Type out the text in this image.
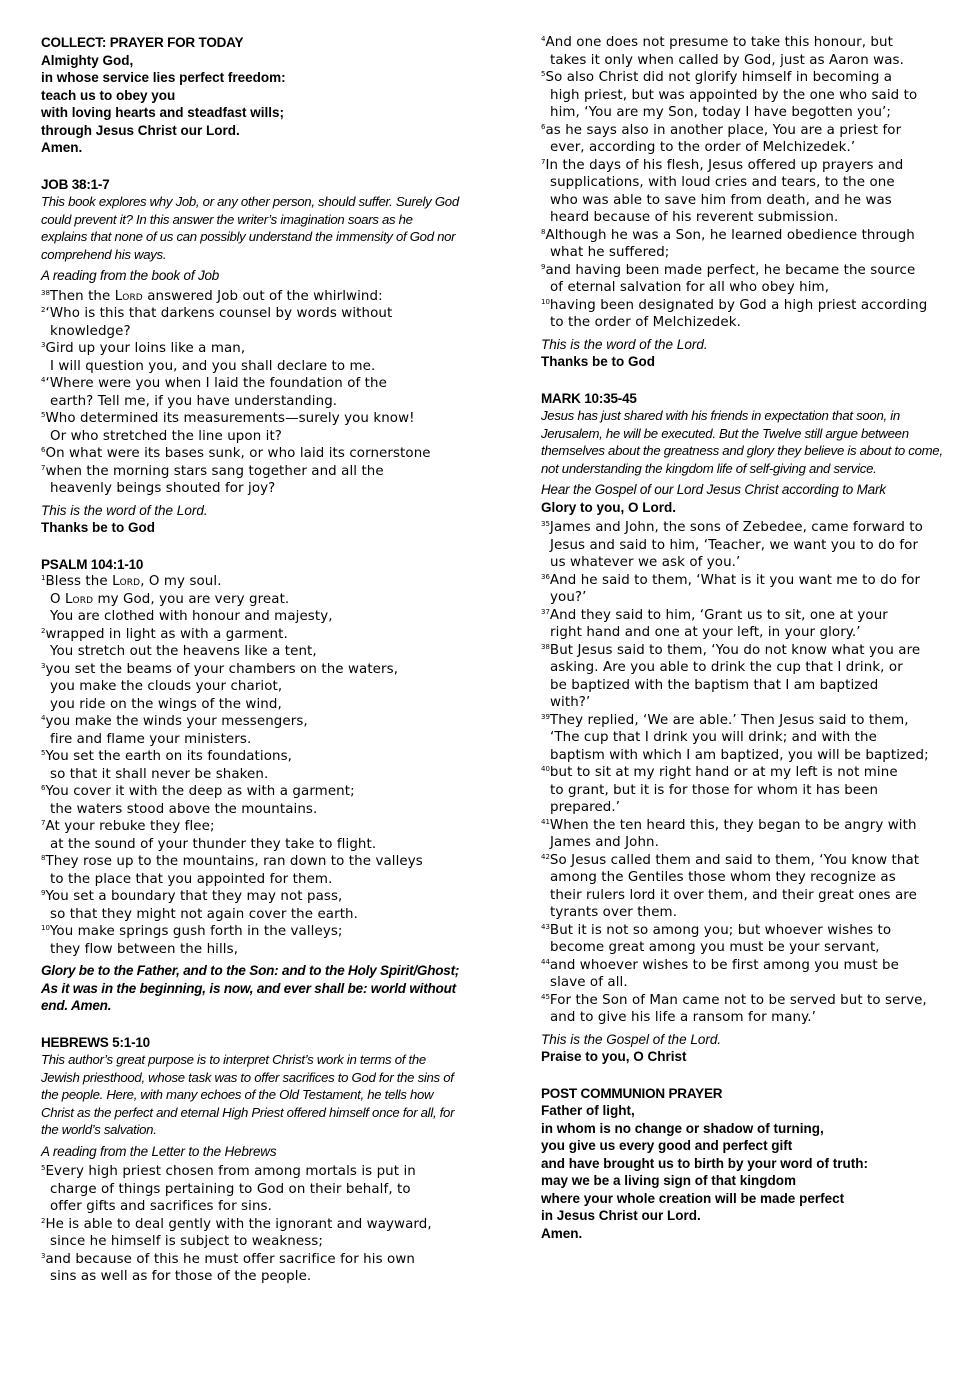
COLLECT: PRAYER FOR TODAY
Almighty God,
in whose service lies perfect freedom:
teach us to obey you
with loving hearts and steadfast wills;
through Jesus Christ our Lord.
Amen.
JOB 38:1-7
This book explores why Job, or any other person, should suffer. Surely God could prevent it? In this answer the writer’s imagination soars as he explains that none of us can possibly understand the immensity of God nor comprehend his ways.
A reading from the book of Job
$^{38}$Then the Lord answered Job out of the whirlwind:
$^2$‘Who is this that darkens counsel by words without
knowledge?
$^3$Gird up your loins like a man,
I will question you, and you shall declare to me.
$^4$‘Where were you when I laid the foundation of the
earth? Tell me, if you have understanding.
$^5$Who determined its measurements—surely you know!
Or who stretched the line upon it?
$^6$On what were its bases sunk, or who laid its cornerstone
$^7$when the morning stars sang together and all the
heavenly beings shouted for joy?
This is the word of the Lord.
Thanks be to God
PSALM 104:1-10
$^1$Bless the Lord, O my soul.
O Lord my God, you are very great.
You are clothed with honour and majesty,
$^2$wrapped in light as with a garment.
You stretch out the heavens like a tent,
$^3$you set the beams of your chambers on the waters,
you make the clouds your chariot,
you ride on the wings of the wind,
$^4$you make the winds your messengers,
fire and flame your ministers.
$^5$You set the earth on its foundations,
so that it shall never be shaken.
$^6$You cover it with the deep as with a garment;
the waters stood above the mountains.
$^7$At your rebuke they flee;
at the sound of your thunder they take to flight.
$^8$They rose up to the mountains, ran down to the valleys
to the place that you appointed for them.
$^9$You set a boundary that they may not pass,
so that they might not again cover the earth.
$^{10}$You make springs gush forth in the valleys;
they flow between the hills,
Glory be to the Father, and to the Son: and to the Holy Spirit/Ghost; As it was in the beginning, is now, and ever shall be: world without end. Amen.
HEBREWS 5:1-10
This author’s great purpose is to interpret Christ’s work in terms of the Jewish priesthood, whose task was to offer sacrifices to God for the sins of the people. Here, with many echoes of the Old Testament, he tells how Christ as the perfect and eternal High Priest offered himself once for all, for the world’s salvation.
A reading from the Letter to the Hebrews
$^5$Every high priest chosen from among mortals is put in
charge of things pertaining to God on their behalf, to
offer gifts and sacrifices for sins.
$^2$He is able to deal gently with the ignorant and wayward,
since he himself is subject to weakness;
$^3$and because of this he must offer sacrifice for his own
sins as well as for those of the people.
$^4$And one does not presume to take this honour, but
takes it only when called by God, just as Aaron was.
$^5$So also Christ did not glorify himself in becoming a
high priest, but was appointed by the one who said to
him, ‘You are my Son, today I have begotten you’;
$^6$as he says also in another place, You are a priest for
ever, according to the order of Melchizedek.’
$^7$In the days of his flesh, Jesus offered up prayers and
supplications, with loud cries and tears, to the one
who was able to save him from death, and he was
heard because of his reverent submission.
$^8$Although he was a Son, he learned obedience through
what he suffered;
$^9$and having been made perfect, he became the source
of eternal salvation for all who obey him,
$^{10}$having been designated by God a high priest according
to the order of Melchizedek.
This is the word of the Lord.
Thanks be to God
MARK 10:35-45
Jesus has just shared with his friends in expectation that soon, in Jerusalem, he will be executed. But the Twelve still argue between themselves about the greatness and glory they believe is about to come, not understanding the kingdom life of self-giving and service.
Hear the Gospel of our Lord Jesus Christ according to Mark
Glory to you, O Lord.
$^{35}$James and John, the sons of Zebedee, came forward to
Jesus and said to him, ‘Teacher, we want you to do for
us whatever we ask of you.’
$^{36}$And he said to them, ‘What is it you want me to do for
you?’
$^{37}$And they said to him, ‘Grant us to sit, one at your
right hand and one at your left, in your glory.’
$^{38}$But Jesus said to them, ‘You do not know what you are
asking. Are you able to drink the cup that I drink, or
be baptized with the baptism that I am baptized
with?’
$^{39}$They replied, ‘We are able.’ Then Jesus said to them,
‘The cup that I drink you will drink; and with the
baptism with which I am baptized, you will be baptized;
$^{40}$but to sit at my right hand or at my left is not mine
to grant, but it is for those for whom it has been
prepared.’
$^{41}$When the ten heard this, they began to be angry with
James and John.
$^{42}$So Jesus called them and said to them, ‘You know that
among the Gentiles those whom they recognize as
their rulers lord it over them, and their great ones are
tyrants over them.
$^{43}$But it is not so among you; but whoever wishes to
become great among you must be your servant,
$^{44}$and whoever wishes to be first among you must be
slave of all.
$^{45}$For the Son of Man came not to be served but to serve,
and to give his life a ransom for many.’
This is the Gospel of the Lord.
Praise to you, O Christ
POST COMMUNION PRAYER
Father of light,
in whom is no change or shadow of turning,
you give us every good and perfect gift
and have brought us to birth by your word of truth:
may we be a living sign of that kingdom
where your whole creation will be made perfect
in Jesus Christ our Lord.
Amen.
